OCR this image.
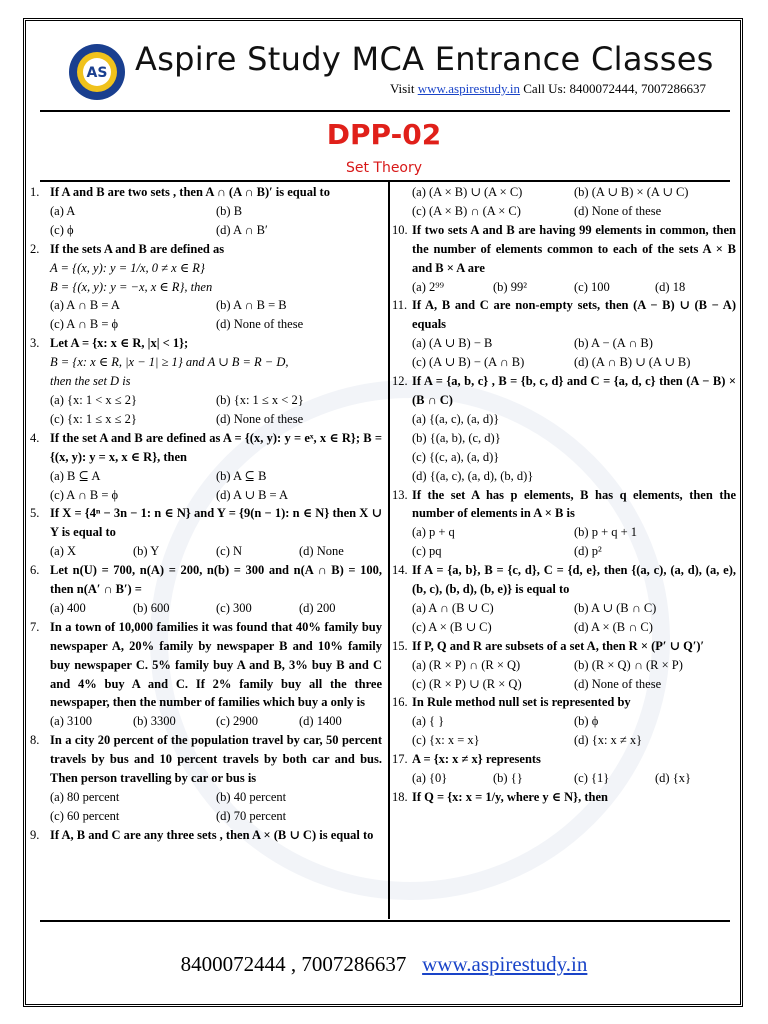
AS Aspire Study MCA Entrance Classes
Visit www.aspirestudy.in Call Us: 8400072444, 7007286637
DPP-02
Set Theory
1. If A and B are two sets , then A ∩ (A ∩ B)′ is equal to
(a) A	(b) B
(c) ϕ	(d) A ∩ B′
2. If the sets A and B are defined as
A = {(x, y): y = 1/x, 0 ≠ x ∈ R}
B = {(x, y): y = −x, x ∈ R}, then
(a) A ∩ B = A	(b) A ∩ B = B
(c) A ∩ B = ϕ	(d) None of these
3. Let A = {x: x ∈ R, |x| < 1};
B = {x: x ∈ R, |x − 1| ≥ 1} and A ∪ B = R − D,
then the set D is
(a) {x: 1 < x ≤ 2}	(b) {x: 1 ≤ x < 2}
(c) {x: 1 ≤ x ≤ 2}	(d) None of these
4. If the set A and B are defined as A = {(x, y): y = eˣ, x ∈ R}; B = {(x, y): y = x, x ∈ R}, then
(a) B ⊆ A	(b) A ⊆ B
(c) A ∩ B = ϕ	(d) A ∪ B = A
5. If X = {4ⁿ − 3n − 1: n ∈ N} and Y = {9(n − 1): n ∈ N} then X ∪ Y is equal to
(a) X	(b) Y	(c) N	(d) None
6. Let n(U) = 700, n(A) = 200, n(b) = 300 and n(A ∩ B) = 100, then n(A′ ∩ B′) =
(a) 400	(b) 600	(c) 300	(d) 200
7. In a town of 10,000 families it was found that 40% family buy newspaper A, 20% family by newspaper B and 10% family buy newspaper C. 5% family buy A and B, 3% buy B and C and 4% buy A and C. If 2% family buy all the three newspaper, then the number of families which buy a only is
(a) 3100	(b) 3300	(c) 2900	(d) 1400
8. In a city 20 percent of the population travel by car, 50 percent travels by bus and 10 percent travels by both car and bus. Then person travelling by car or bus is
(a) 80 percent	(b) 40 percent
(c) 60 percent	(d) 70 percent
9. If A, B and C are any three sets , then A × (B ∪ C) is equal to
(a) (A × B) ∪ (A × C)	(b) (A ∪ B) × (A ∪ C)
(c) (A × B) ∩ (A × C)	(d) None of these
10. If two sets A and B are having 99 elements in common, then the number of elements common to each of the sets A × B and B × A are
(a) 2⁹⁹	(b) 99²	(c) 100	(d) 18
11. If A, B and C are non-empty sets, then (A − B) ∪ (B − A) equals
(a) (A ∪ B) − B	(b) A − (A ∩ B)
(c) (A ∪ B) − (A ∩ B)	(d) (A ∩ B) ∪ (A ∪ B)
12. If A = {a, b, c} , B = {b, c, d} and C = {a, d, c} then (A − B) × (B ∩ C)
(a) {(a, c), (a, d)}
(b) {(a, b), (c, d)}
(c) {(c, a), (a, d)}
(d) {(a, c), (a, d), (b, d)}
13. If the set A has p elements, B has q elements, then the number of elements in A × B is
(a) p + q	(b) p + q + 1
(c) pq	(d) p²
14. If A = {a, b}, B = {c, d}, C = {d, e}, then {(a, c), (a, d), (a, e), (b, c), (b, d), (b, e)} is equal to
(a) A ∩ (B ∪ C)	(b) A ∪ (B ∩ C)
(c) A × (B ∪ C)	(d) A × (B ∩ C)
15. If P, Q and R are subsets of a set A, then R × (P′ ∪ Q′)′
(a) (R × P) ∩ (R × Q)	(b) (R × Q) ∩ (R × P)
(c) (R × P) ∪ (R × Q)	(d) None of these
16. In Rule method null set is represented by
(a) { }	(b) ϕ
(c) {x: x = x}	(d) {x: x ≠ x}
17. A = {x: x ≠ x} represents
(a) {0}	(b) {}	(c) {1}	(d) {x}
18. If Q = {x: x = 1/y, where y ∈ N}, then
8400072444 , 7007286637 www.aspirestudy.in
